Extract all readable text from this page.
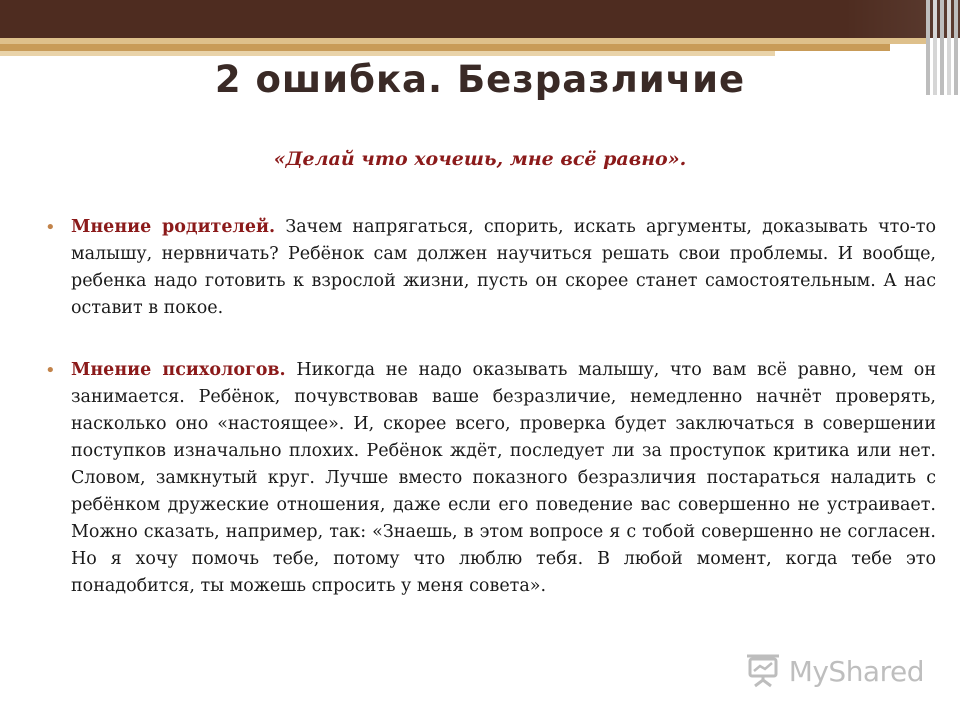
2 ошибка. Безразличие
«Делай что хочешь, мне всё равно».
• Мнение родителей. Зачем напрягаться, спорить, искать аргументы, доказывать что-то малышу, нервничать? Ребёнок сам должен научиться решать свои проблемы. И вообще, ребенка надо готовить к взрослой жизни, пусть он скорее станет самостоятельным. А нас оставит в покое.
• Мнение психологов. Никогда не надо оказывать малышу, что вам всё равно, чем он занимается. Ребёнок, почувствовав ваше безразличие, немедленно начнёт проверять, насколько оно «настоящее». И, скорее всего, проверка будет заключаться в совершении поступков изначально плохих. Ребёнок ждёт, последует ли за проступок критика или нет. Словом, замкнутый круг. Лучше вместо показного безразличия постараться наладить с ребёнком дружеские отношения, даже если его поведение вас совершенно не устраивает. Можно сказать, например, так: «Знаешь, в этом вопросе я с тобой совершенно не согласен. Но я хочу помочь тебе, потому что люблю тебя. В любой момент, когда тебе это понадобится, ты можешь спросить у меня совета».
MyShared
